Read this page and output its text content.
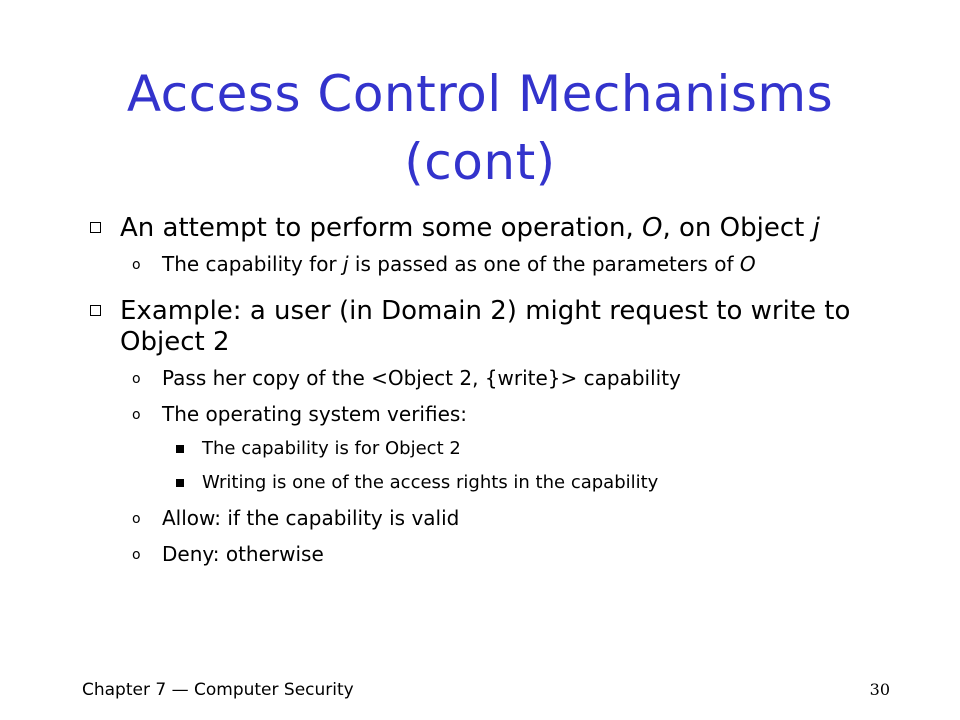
Access Control Mechanisms
(cont)
An attempt to perform some operation, O, on Object j
o The capability for j is passed as one of the parameters of O
Example: a user (in Domain 2) might request to write to Object 2
o Pass her copy of the <Object 2, {write}> capability
o The operating system verifies:
The capability is for Object 2
Writing is one of the access rights in the capability
o Allow: if the capability is valid
o Deny: otherwise
Chapter 7 — Computer Security	30
